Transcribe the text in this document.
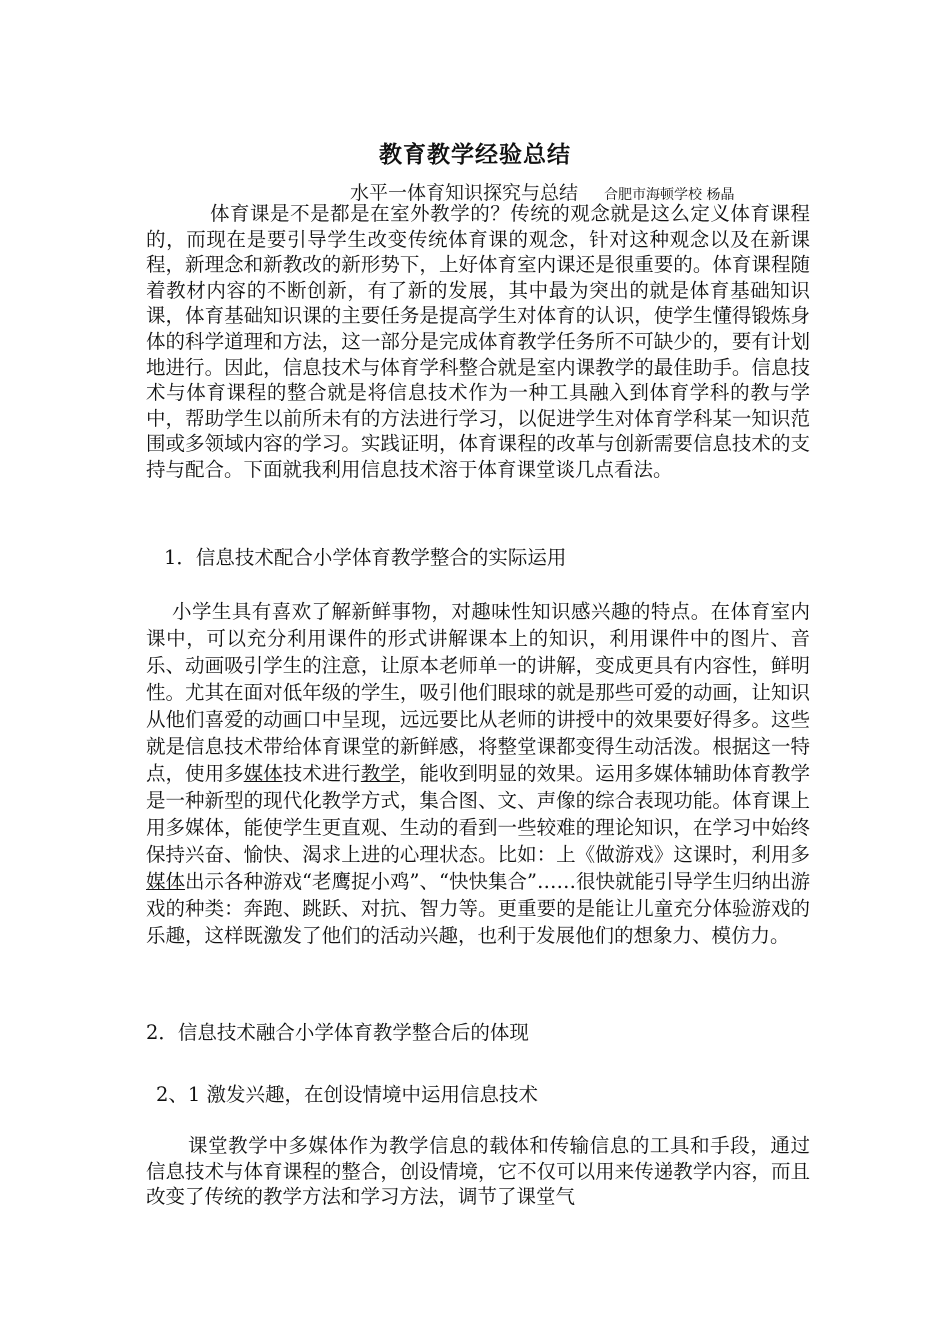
教育教学经验总结
水平一体育知识探究与总结 合肥市海顿学校 杨晶

体育课是不是都是在室外教学的？传统的观念就是这么定义体育课程的，而现在是要引导学生改变传统体育课的观念，针对这种观念以及在新课程，新理念和新教改的新形势下，上好体育室内课还是很重要的。体育课程随着教材内容的不断创新，有了新的发展，其中最为突出的就是体育基础知识课，体育基础知识课的主要任务是提高学生对体育的认识，使学生懂得锻炼身体的科学道理和方法，这一部分是完成体育教学任务所不可缺少的，要有计划地进行。因此，信息技术与体育学科整合就是室内课教学的最佳助手。信息技术与体育课程的整合就是将信息技术作为一种工具融入到体育学科的教与学中，帮助学生以前所未有的方法进行学习，以促进学生对体育学科某一知识范围或多领域内容的学习。实践证明，体育课程的改革与创新需要信息技术的支持与配合。下面就我利用信息技术溶于体育课堂谈几点看法。

1．信息技术配合小学体育教学整合的实际运用

小学生具有喜欢了解新鲜事物，对趣味性知识感兴趣的特点。在体育室内课中，可以充分利用课件的形式讲解课本上的知识，利用课件中的图片、音乐、动画吸引学生的注意，让原本老师单一的讲解，变成更具有内容性，鲜明性。尤其在面对低年级的学生，吸引他们眼球的就是那些可爱的动画，让知识从他们喜爱的动画口中呈现，远远要比从老师的讲授中的效果要好得多。这些就是信息技术带给体育课堂的新鲜感，将整堂课都变得生动活泼。根据这一特点，使用多媒体技术进行教学，能收到明显的效果。运用多媒体辅助体育教学是一种新型的现代化教学方式，集合图、文、声像的综合表现功能。体育课上用多媒体，能使学生更直观、生动的看到一些较难的理论知识，在学习中始终保持兴奋、愉快、渴求上进的心理状态。比如：上《做游戏》这课时，利用多媒体出示各种游戏“老鹰捉小鸡”、“快快集合”……很快就能引导学生归纳出游戏的种类：奔跑、跳跃、对抗、智力等。更重要的是能让儿童充分体验游戏的乐趣，这样既激发了他们的活动兴趣，也利于发展他们的想象力、模仿力。

2．信息技术融合小学体育教学整合后的体现

2、1 激发兴趣，在创设情境中运用信息技术

课堂教学中多媒体作为教学信息的载体和传输信息的工具和手段，通过信息技术与体育课程的整合，创设情境，它不仅可以用来传递教学内容，而且改变了传统的教学方法和学习方法，调节了课堂气
